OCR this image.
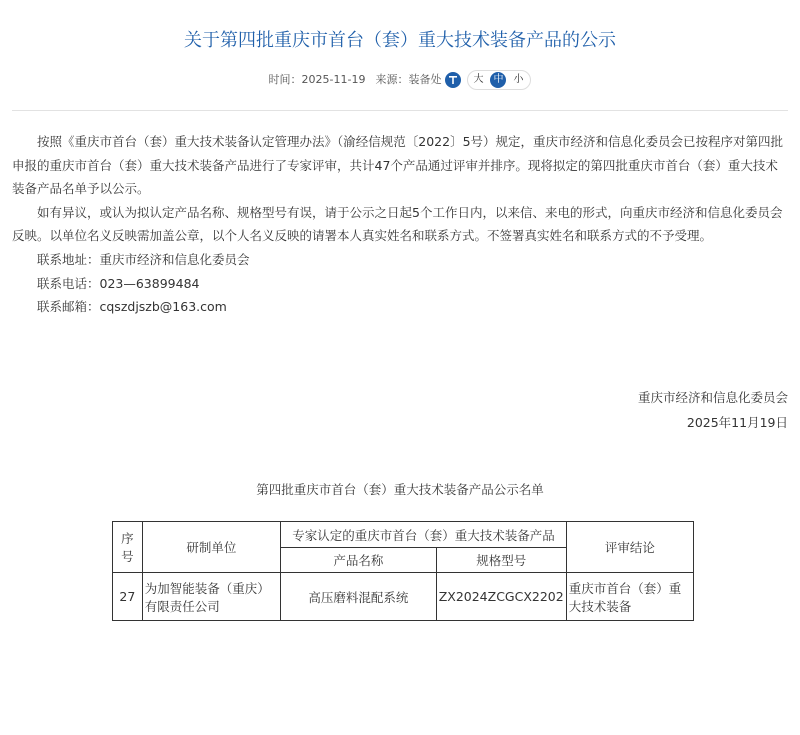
关于第四批重庆市首台（套）重大技术装备产品的公示
时间： 2025-11-19 来源： 装备处	大	中	小

按照《重庆市首台（套）重大技术装备认定管理办法》（渝经信规范〔2022〕5号）规定，重庆市经济和信息化委员会已按程序对第四批申报的重庆市首台（套）重大技术装备产品进行了专家评审，共计47个产品通过评审并排序。现将拟定的第四批重庆市首台（套）重大技术装备产品名单予以公示。

如有异议，或认为拟认定产品名称、规格型号有误，请于公示之日起5个工作日内，以来信、来电的形式，向重庆市经济和信息化委员会反映。以单位名义反映需加盖公章，以个人名义反映的请署本人真实姓名和联系方式。不签署真实姓名和联系方式的不予受理。

联系地址：重庆市经济和信息化委员会

联系电话：023—63899484

联系邮箱：cqszdjszb@163.com

重庆市经济和信息化委员会
2025年11月19日
第四批重庆市首台（套）重大技术装备产品公示名单
序号	研制单位	专家认定的重庆市首台（套）重大技术装备产品		评审结论
		产品名称	规格型号	
27	为加智能装备（重庆）有限责任公司	高压磨料混配系统	ZX2024ZCGCX2202	重庆市首台（套）重大技术装备
